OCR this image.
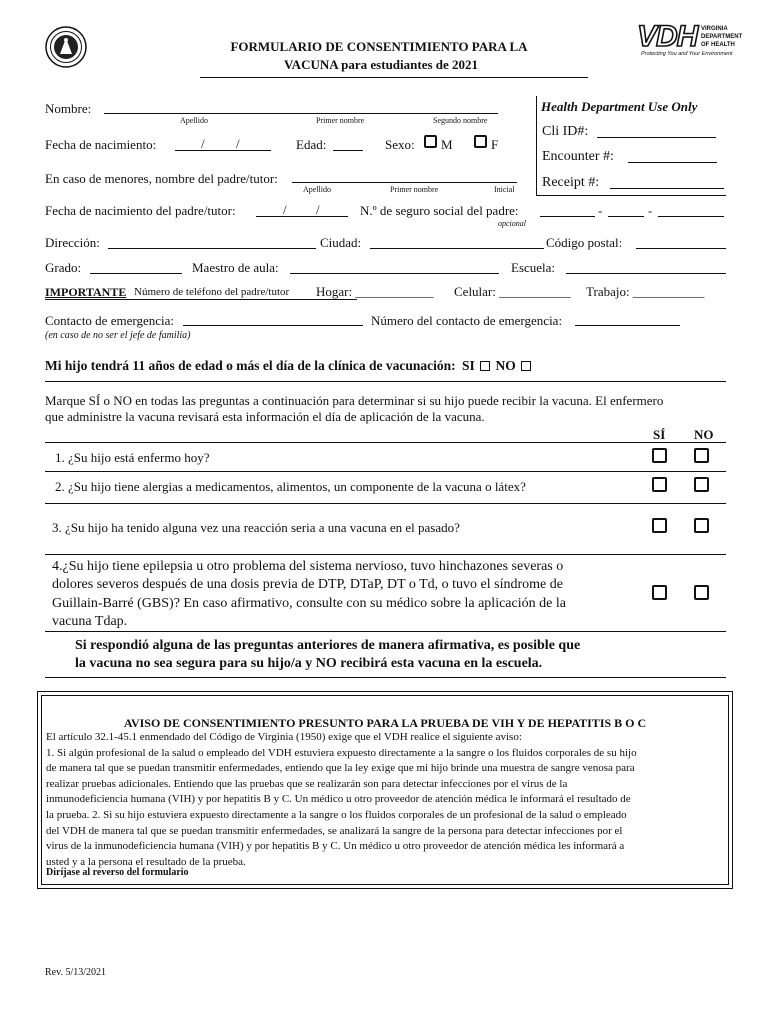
FORMULARIO DE CONSENTIMIENTO PARA LA
VACUNA para estudiantes de 2021
VDH VIRGINIA
DEPARTMENT
OF HEALTH
Protecting You and Your Environment
Health Department Use Only
Cli ID#:
Encounter #:
Receipt #:
Nombre:
Apellido	Primer nombre	Segundo nombre
Fecha de nacimiento:	/ /	Edad:	Sexo: M	F
En caso de menores, nombre del padre/tutor:
Apellido	Primer nombre	Inicial
Fecha de nacimiento del padre/tutor:	/ /	N.º de seguro social del padre:	-	-
opcional
Dirección:	Ciudad:	Código postal:
Grado:	Maestro de aula:	Escuela:
IMPORTANTE Número de teléfono del padre/tutor Hogar: ____________ Celular: ___________ Trabajo: ___________
Contacto de emergencia:	Número del contacto de emergencia:
(en caso de no ser el jefe de familia)
Mi hijo tendrá 11 años de edad o más el día de la clínica de vacunación: SI NO
Marque SÍ o NO en todas las preguntas a continuación para determinar si su hijo puede recibir la vacuna. El enfermero
que administre la vacuna revisará esta información el día de aplicación de la vacuna.
SÍ NO
1. ¿Su hijo está enfermo hoy?
2. ¿Su hijo tiene alergias a medicamentos, alimentos, un componente de la vacuna o látex?
3. ¿Su hijo ha tenido alguna vez una reacción seria a una vacuna en el pasado?
4.¿Su hijo tiene epilepsia u otro problema del sistema nervioso, tuvo hinchazones severas o
dolores severos después de una dosis previa de DTP, DTaP, DT o Td, o tuvo el síndrome de
Guillain-Barré (GBS)? En caso afirmativo, consulte con su médico sobre la aplicación de la
vacuna Tdap.
Si respondió alguna de las preguntas anteriores de manera afirmativa, es posible que
la vacuna no sea segura para su hijo/a y NO recibirá esta vacuna en la escuela.
AVISO DE CONSENTIMIENTO PRESUNTO PARA LA PRUEBA DE VIH Y DE HEPATITIS B O C
El artículo 32.1-45.1 enmendado del Código de Virginia (1950) exige que el VDH realice el siguiente aviso:
1. Si algún profesional de la salud o empleado del VDH estuviera expuesto directamente a la sangre o los fluidos corporales de su hijo
de manera tal que se puedan transmitir enfermedades, entiendo que la ley exige que mi hijo brinde una muestra de sangre venosa para
realizar pruebas adicionales. Entiendo que las pruebas que se realizarán son para detectar infecciones por el virus de la
inmunodeficiencia humana (VIH) y por hepatitis B y C. Un médico u otro proveedor de atención médica le informará el resultado de
la prueba. 2. Si su hijo estuviera expuesto directamente a la sangre o los fluidos corporales de un profesional de la salud o empleado
del VDH de manera tal que se puedan transmitir enfermedades, se analizará la sangre de la persona para detectar infecciones por el
virus de la inmunodeficiencia humana (VIH) y por hepatitis B y C. Un médico u otro proveedor de atención médica les informará a
usted y a la persona el resultado de la prueba.
Diríjase al reverso del formulario
Rev. 5/13/2021
